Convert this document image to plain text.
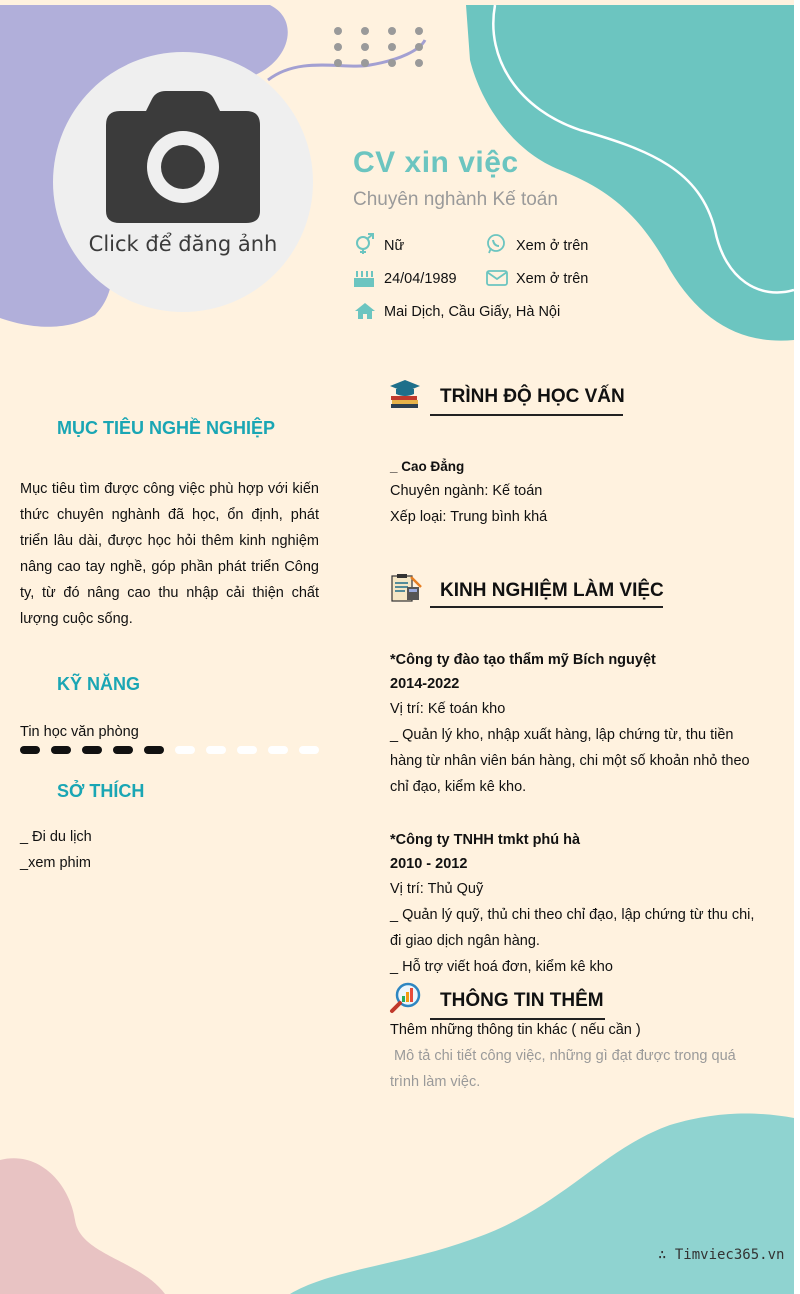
Click để đăng ảnh
CV xin việc
Chuyên nghành Kế toán
Nữ	Xem ở trên
24/04/1989	Xem ở trên
Mai Dịch, Cầu Giấy, Hà Nội
MỤC TIÊU NGHỀ NGHIỆP
Mục tiêu tìm được công việc phù hợp với kiến thức chuyên nghành đã học, ổn định, phát triển lâu dài, được học hỏi thêm kinh nghiệm nâng cao tay nghề, góp phần phát triển Công ty, từ đó nâng cao thu nhập cải thiện chất lượng cuộc sống.
KỸ NĂNG
Tin học văn phòng
SỞ THÍCH
_ Đi du lịch
_xem phim
TRÌNH ĐỘ HỌC VẤN
_ Cao Đẳng
Chuyên ngành: Kế toán
Xếp loại: Trung bình khá
KINH NGHIỆM LÀM VIỆC
*Công ty đào tạo thẩm mỹ Bích nguyệt
2014-2022
Vị trí: Kế toán kho
_ Quản lý kho, nhập xuất hàng, lập chứng từ, thu tiền hàng từ nhân viên bán hàng, chi một số khoản nhỏ theo chỉ đạo, kiểm kê kho.
*Công ty TNHH tmkt phú hà
2010 - 2012
Vị trí: Thủ Quỹ
_ Quản lý quỹ, thủ chi theo chỉ đạo, lập chứng từ thu chi, đi giao dịch ngân hàng.
_ Hỗ trợ viết hoá đơn, kiểm kê kho
THÔNG TIN THÊM
Thêm những thông tin khác ( nếu cần )
Mô tả chi tiết công việc, những gì đạt được trong quá trình làm việc.
∴ Timviec365.vn
